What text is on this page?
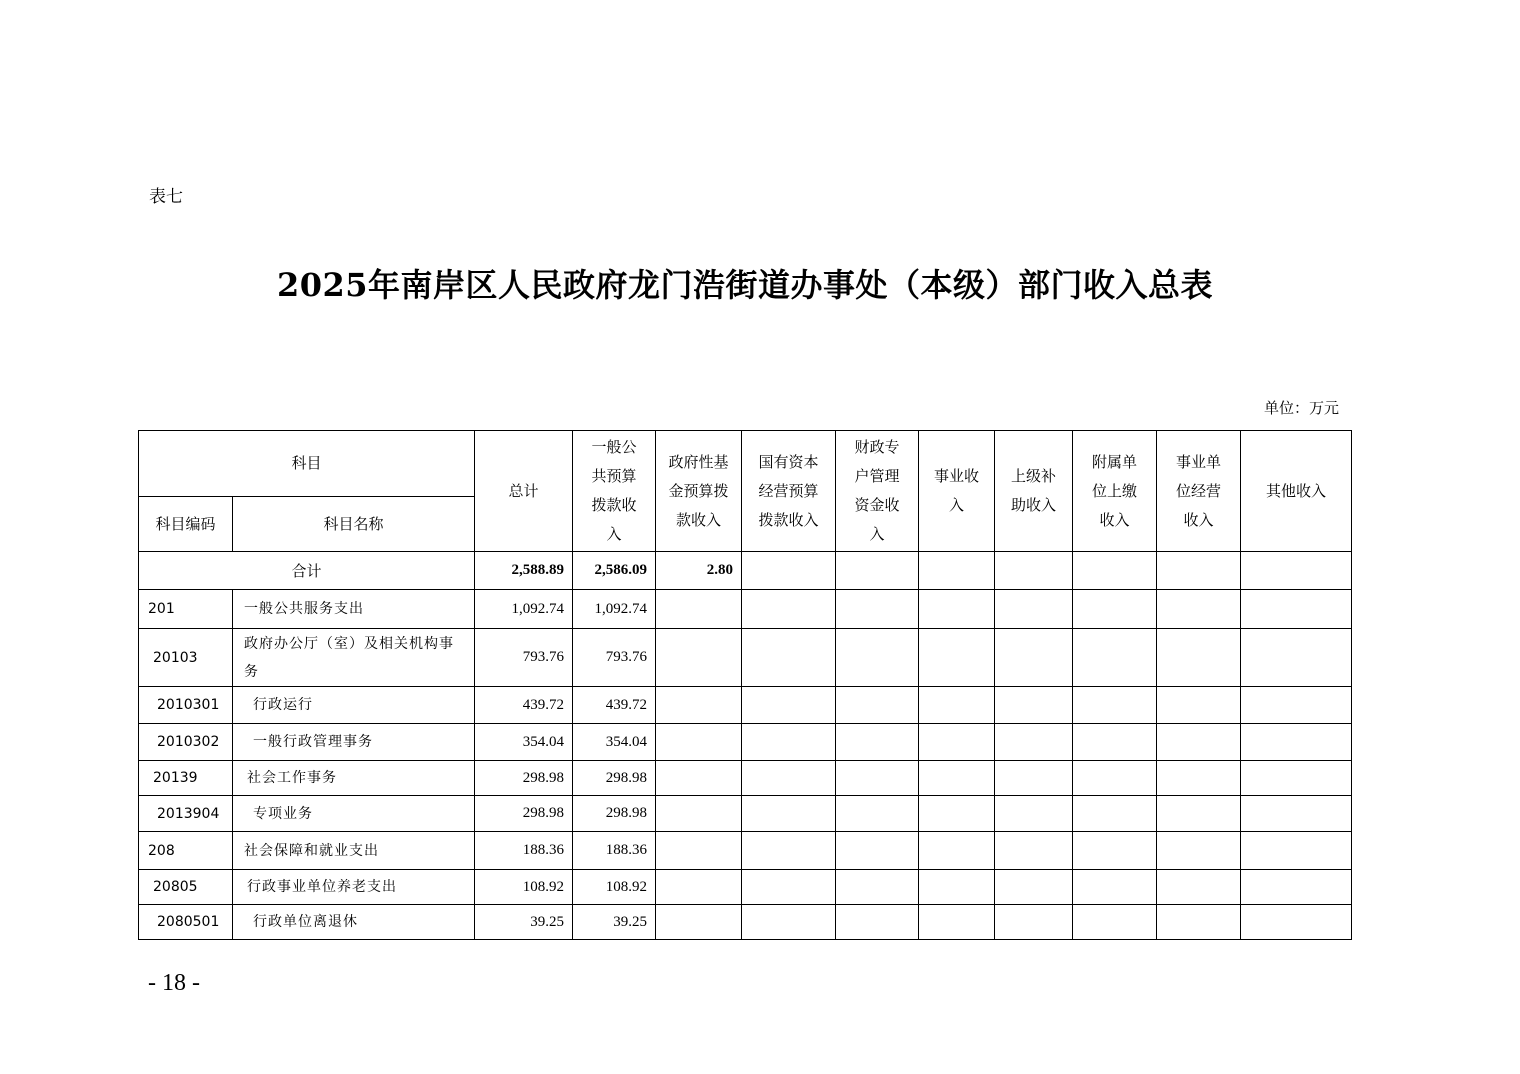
表七
2025年南岸区人民政府龙门浩街道办事处（本级）部门收入总表
单位：万元
科目		总计	一般公共预算拨款收入	政府性基金预算拨款收入	国有资本经营预算拨款收入	财政专户管理资金收入	事业收入	上级补助收入	附属单位上缴收入	事业单位经营收入	其他收入

科目编码	科目名称										
合计		2,588.89	2,586.09	2.80							
201	一般公共服务支出	1,092.74	1,092.74								
20103	政府办公厅（室）及相关机构事务	793.76	793.76								
2010301	行政运行	439.72	439.72								
2010302	一般行政管理事务	354.04	354.04								
20139	社会工作事务	298.98	298.98								
2013904	专项业务	298.98	298.98								
208	社会保障和就业支出	188.36	188.36								
20805	行政事业单位养老支出	108.92	108.92								
2080501	行政单位离退休	39.25	39.25								
- 18 -
